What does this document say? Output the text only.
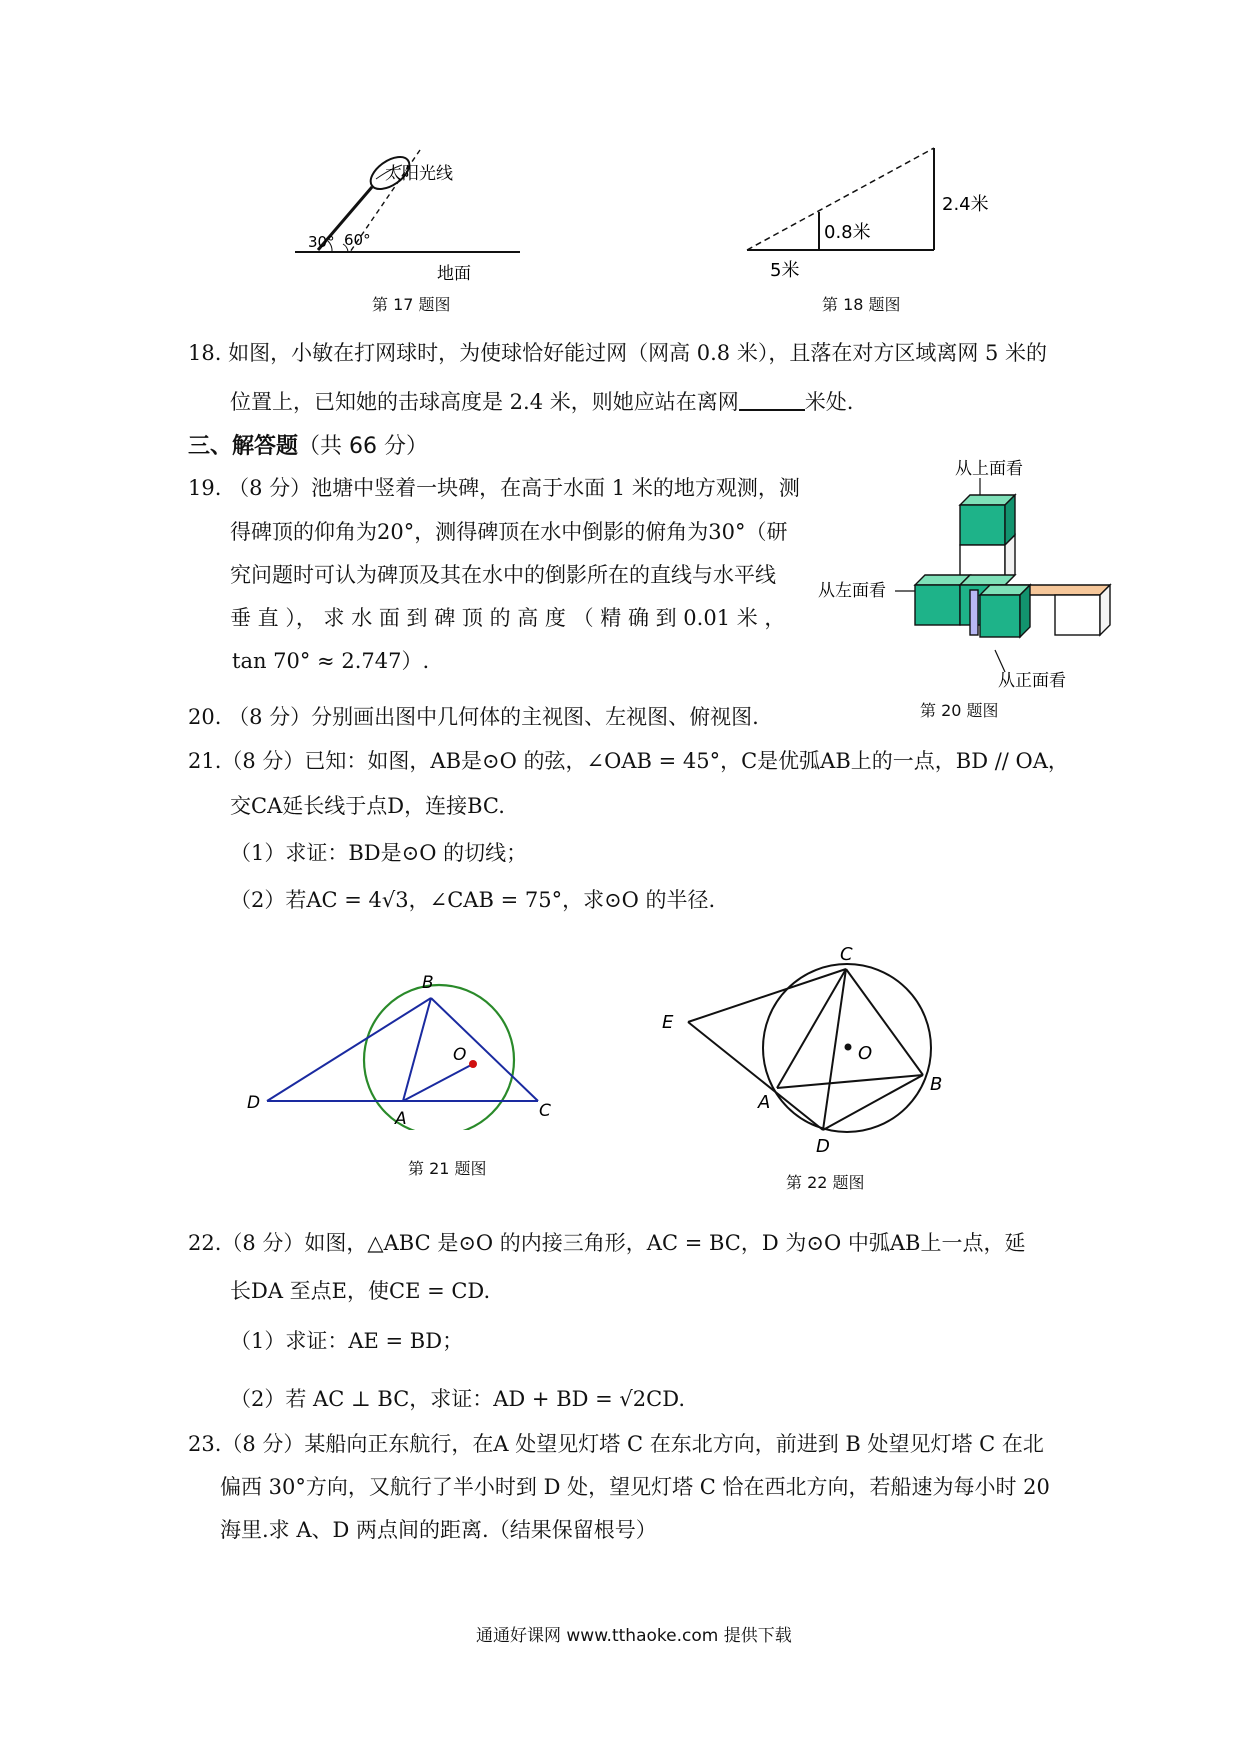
太阳光线
30° 60°
地面
第 17 题图
2.4米
0.8米
5米
第 18 题图
18. 如图，小敏在打网球时，为使球恰好能过网（网高 0.8 米），且落在对方区域离网 5 米的
位置上，已知她的击球高度是 2.4 米，则她应站在离网	米处.
三、解答题（共 66 分）
19. （8 分）池塘中竖着一块碑，在高于水面 1 米的地方观测，测
得碑顶的仰角为20°，测得碑顶在水中倒影的俯角为30°（研
究问题时可认为碑顶及其在水中的倒影所在的直线与水平线
垂 直 ）， 求 水 面 到 碑 顶 的 高 度 （ 精 确 到 0.01 米 ，
tan 70° ≈ 2.747）.
从上面看
从左面看
从正面看
第 20 题图
20. （8 分）分别画出图中几何体的主视图、左视图、俯视图.
21.（8 分）已知：如图，AB是⊙O 的弦，∠OAB = 45°，C是优弧AB上的一点，BD // OA，
交CA延长线于点D，连接BC.
（1）求证：BD是⊙O 的切线；
（2）若AC = 4√3，∠CAB = 75°，求⊙O 的半径.
B
O
D
A	C
第 21 题图
C
E
O
A
B
D
第 22 题图
22.（8 分）如图，△ABC 是⊙O 的内接三角形，AC = BC，D 为⊙O 中弧AB上一点，延
长DA 至点E，使CE = CD.
（1）求证：AE = BD；
（2）若 AC ⊥ BC，求证：AD + BD = √2CD.
23.（8 分）某船向正东航行，在A 处望见灯塔 C 在东北方向，前进到 B 处望见灯塔 C 在北
偏西 30°方向，又航行了半小时到 D 处，望见灯塔 C 恰在西北方向，若船速为每小时 20
海里.求 A、D 两点间的距离.（结果保留根号）
通通好课网 www.tthaoke.com 提供下载
